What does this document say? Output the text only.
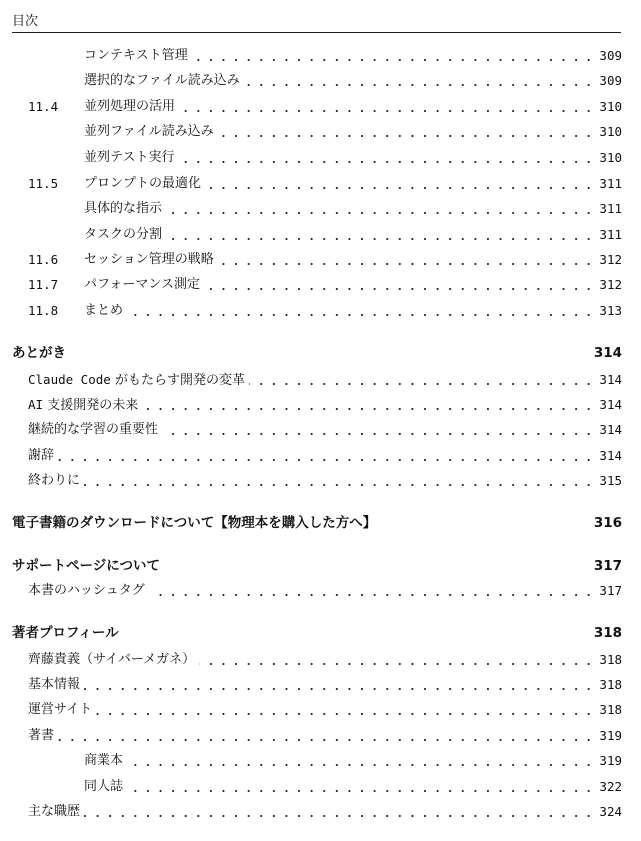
目次
コンテキスト管理	309
選択的なファイル読み込み	309
11.4 並列処理の活用	310
並列ファイル読み込み	310
並列テスト実行	310
11.5 プロンプトの最適化	311
具体的な指示	311
タスクの分割	311
11.6 セッション管理の戦略	312
11.7 パフォーマンス測定	312
11.8 まとめ	313
あとがき	314
Claude Code がもたらす開発の変革	314
AI 支援開発の未来	314
継続的な学習の重要性	314
謝辞	314
終わりに	315
電子書籍のダウンロードについて【物理本を購入した方へ】	316
サポートページについて	317
本書のハッシュタグ	317
著者プロフィール	318
齊藤貴義（サイバーメガネ）	318
基本情報	318
運営サイト	318
著書	319
商業本	319
同人誌	322
主な職歴	324
